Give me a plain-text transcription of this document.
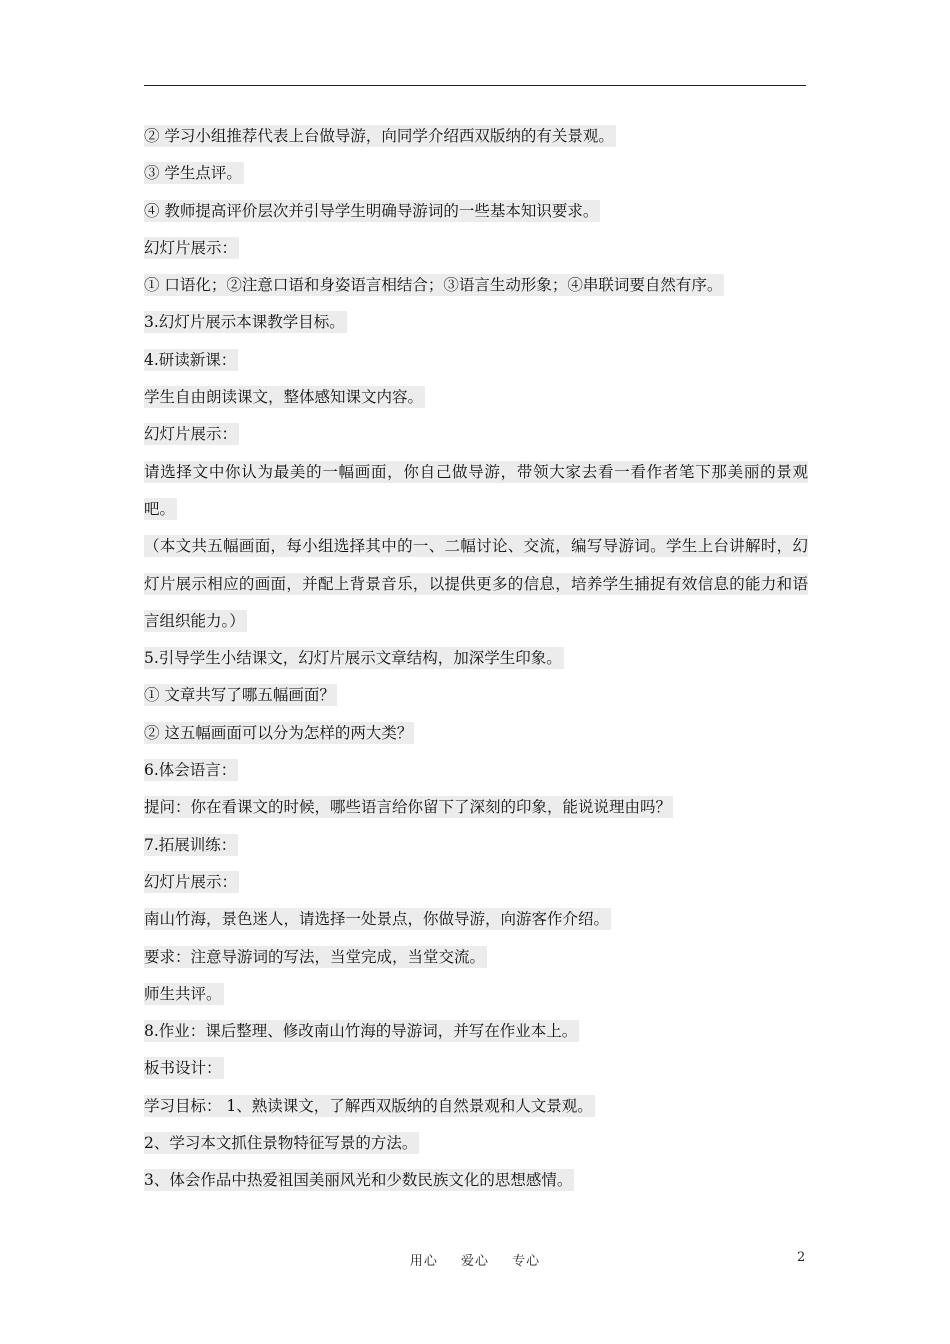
② 学习小组推荐代表上台做导游，向同学介绍西双版纳的有关景观。

③ 学生点评。

④ 教师提高评价层次并引导学生明确导游词的一些基本知识要求。

幻灯片展示：

① 口语化；②注意口语和身姿语言相结合；③语言生动形象；④串联词要自然有序。

3.幻灯片展示本课教学目标。

4.研读新课：

学生自由朗读课文，整体感知课文内容。

幻灯片展示：

请选择文中你认为最美的一幅画面，你自己做导游，带领大家去看一看作者笔下那美丽的景观吧。

（本文共五幅画面，每小组选择其中的一、二幅讨论、交流，编写导游词。学生上台讲解时，幻灯片展示相应的画面，并配上背景音乐，以提供更多的信息，培养学生捕捉有效信息的能力和语言组织能力。）

5.引导学生小结课文，幻灯片展示文章结构，加深学生印象。

① 文章共写了哪五幅画面？

② 这五幅画面可以分为怎样的两大类？

6.体会语言：

提问：你在看课文的时候，哪些语言给你留下了深刻的印象，能说说理由吗？

7.拓展训练：

幻灯片展示：

南山竹海，景色迷人，请选择一处景点，你做导游，向游客作介绍。

要求：注意导游词的写法，当堂完成，当堂交流。

师生共评。

8.作业：课后整理、修改南山竹海的导游词，并写在作业本上。

板书设计：

学习目标： 1、熟读课文，了解西双版纳的自然景观和人文景观。

2、学习本文抓住景物特征写景的方法。

3、体会作品中热爱祖国美丽风光和少数民族文化的思想感情。

用心 爱心 专心	2
